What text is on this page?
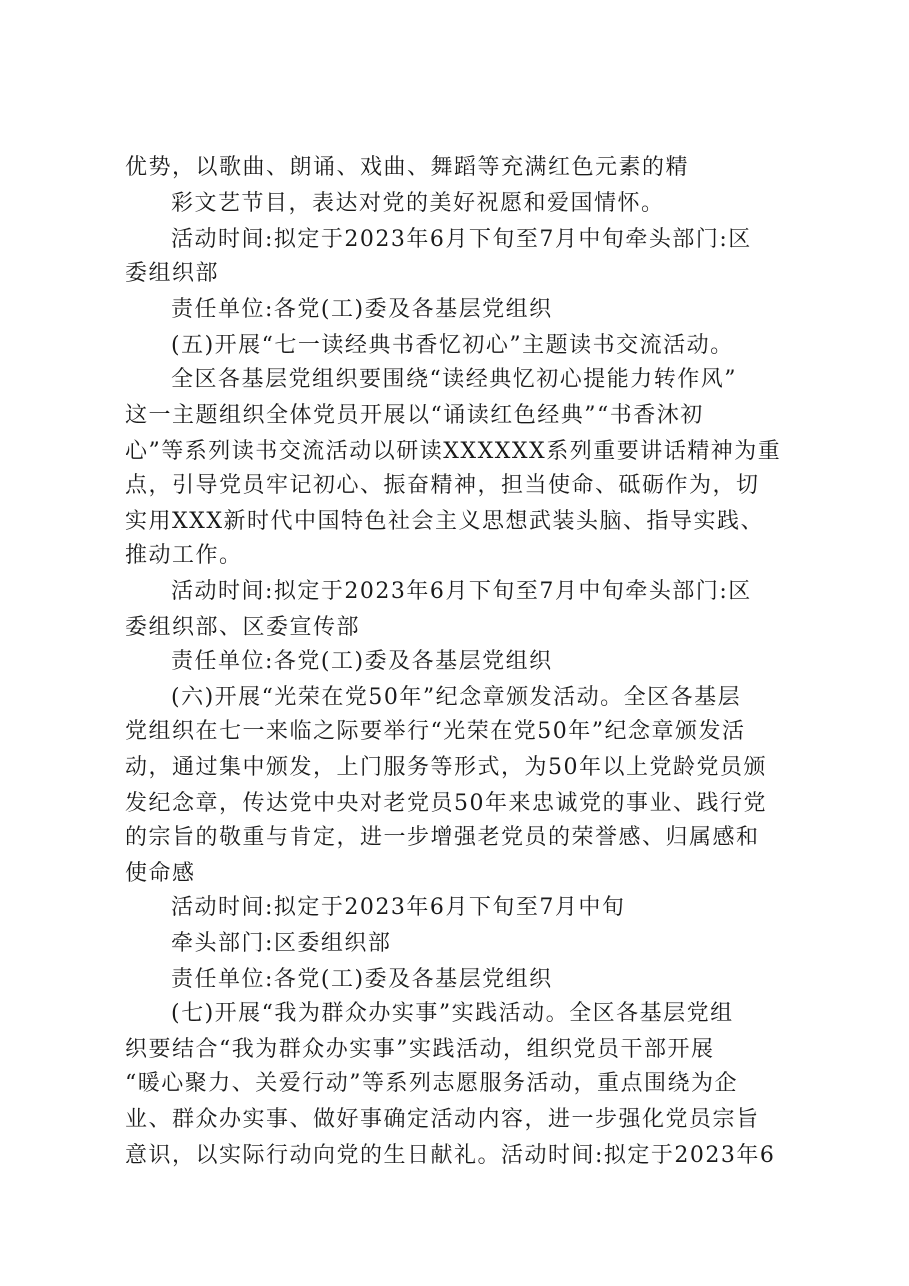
优势，以歌曲、朗诵、戏曲、舞蹈等充满红色元素的精
彩文艺节目，表达对党的美好祝愿和爱国情怀。
活动时间:拟定于2023年6月下旬至7月中旬牵头部门:区
委组织部
责任单位:各党(工)委及各基层党组织
(五)开展“七一读经典书香忆初心”主题读书交流活动。
全区各基层党组织要围绕“读经典忆初心提能力转作风”
这一主题组织全体党员开展以“诵读红色经典”“书香沐初
心”等系列读书交流活动以研读XXXXXX系列重要讲话精神为重
点，引导党员牢记初心、振奋精神，担当使命、砥砺作为，切
实用XXX新时代中国特色社会主义思想武装头脑、指导实践、
推动工作。
活动时间:拟定于2023年6月下旬至7月中旬牵头部门:区
委组织部、区委宣传部
责任单位:各党(工)委及各基层党组织
(六)开展“光荣在党50年”纪念章颁发活动。全区各基层
党组织在七一来临之际要举行“光荣在党50年”纪念章颁发活
动，通过集中颁发，上门服务等形式，为50年以上党龄党员颁
发纪念章，传达党中央对老党员50年来忠诚党的事业、践行党
的宗旨的敬重与肯定，进一步增强老党员的荣誉感、归属感和
使命感
活动时间:拟定于2023年6月下旬至7月中旬
牵头部门:区委组织部
责任单位:各党(工)委及各基层党组织
(七)开展“我为群众办实事”实践活动。全区各基层党组
织要结合“我为群众办实事”实践活动，组织党员干部开展
“暖心聚力、关爱行动”等系列志愿服务活动，重点围绕为企
业、群众办实事、做好事确定活动内容，进一步强化党员宗旨
意识，以实际行动向党的生日献礼。活动时间:拟定于2023年6
